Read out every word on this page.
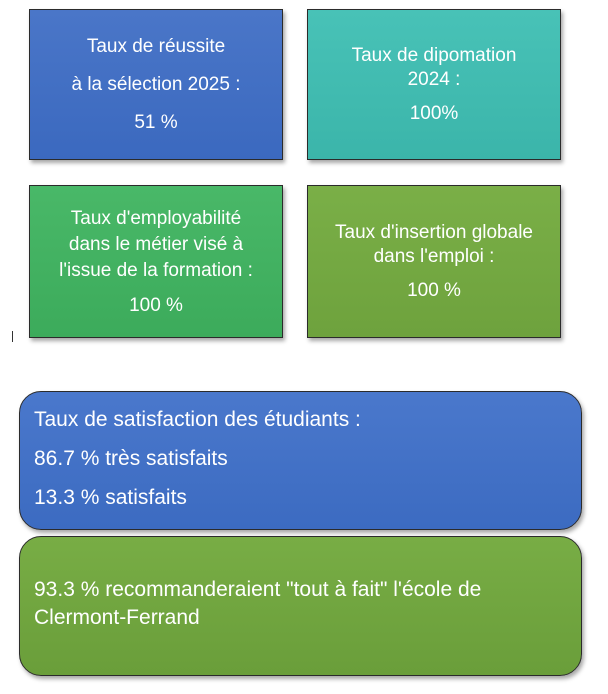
Taux de réussite
à la sélection 2025 :
51 %
Taux de dipomation
2024 :
100%
Taux d'employabilité
dans le métier visé à
l'issue de la formation :
100 %
Taux d'insertion globale
dans l'emploi :
100 %
Taux de satisfaction des étudiants :
86.7 % très satisfaits
13.3 % satisfaits
93.3 % recommanderaient "tout à fait" l'école de
Clermont-Ferrand
